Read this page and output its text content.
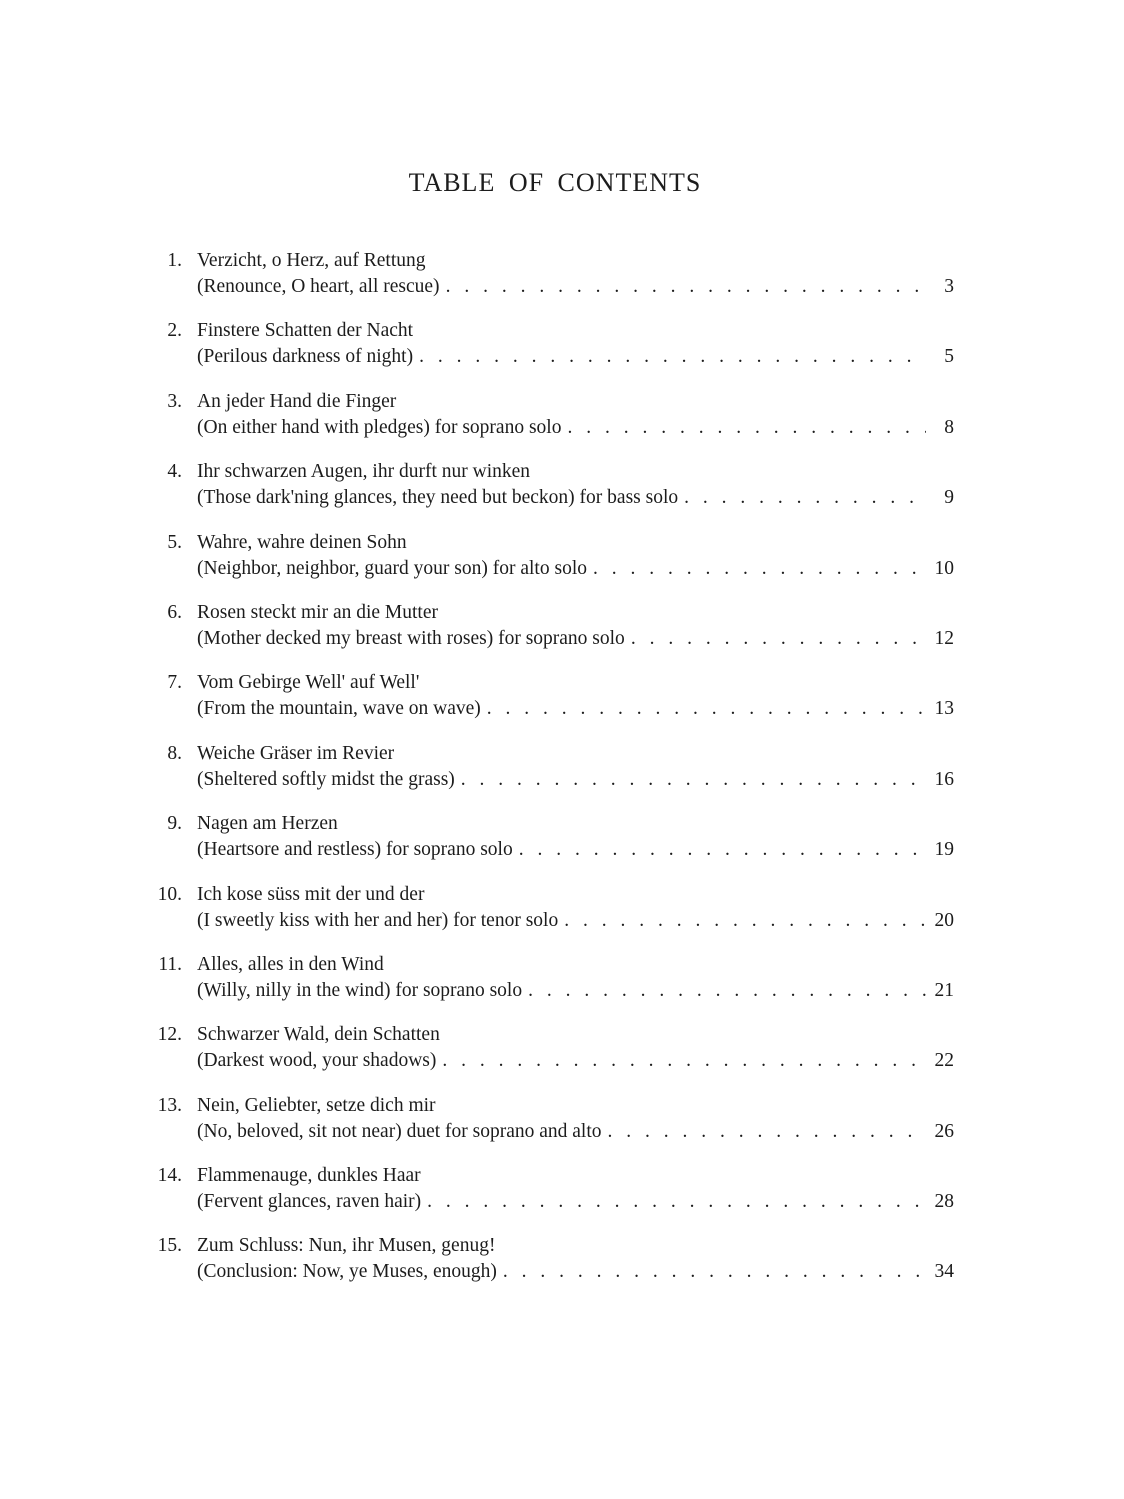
TABLE OF CONTENTS
1. Verzicht, o Herz, auf Rettung
(Renounce, O heart, all rescue) . . .	3
2. Finstere Schatten der Nacht
(Perilous darkness of night) . . .	5
3. An jeder Hand die Finger
(On either hand with pledges) for soprano solo . . .	8
4. Ihr schwarzen Augen, ihr durft nur winken
(Those dark'ning glances, they need but beckon) for bass solo . . .	9
5. Wahre, wahre deinen Sohn
(Neighbor, neighbor, guard your son) for alto solo . . .	10
6. Rosen steckt mir an die Mutter
(Mother decked my breast with roses) for soprano solo . . .	12
7. Vom Gebirge Well' auf Well'
(From the mountain, wave on wave) . . .	13
8. Weiche Gräser im Revier
(Sheltered softly midst the grass) . . .	16
9. Nagen am Herzen
(Heartsore and restless) for soprano solo . . .	19
10. Ich kose süss mit der und der
(I sweetly kiss with her and her) for tenor solo . . .	20
11. Alles, alles in den Wind
(Willy, nilly in the wind) for soprano solo . . .	21
12. Schwarzer Wald, dein Schatten
(Darkest wood, your shadows) . . .	22
13. Nein, Geliebter, setze dich mir
(No, beloved, sit not near) duet for soprano and alto . . .	26
14. Flammenauge, dunkles Haar
(Fervent glances, raven hair) . . .	28
15. Zum Schluss: Nun, ihr Musen, genug!
(Conclusion: Now, ye Muses, enough) . . .	34
